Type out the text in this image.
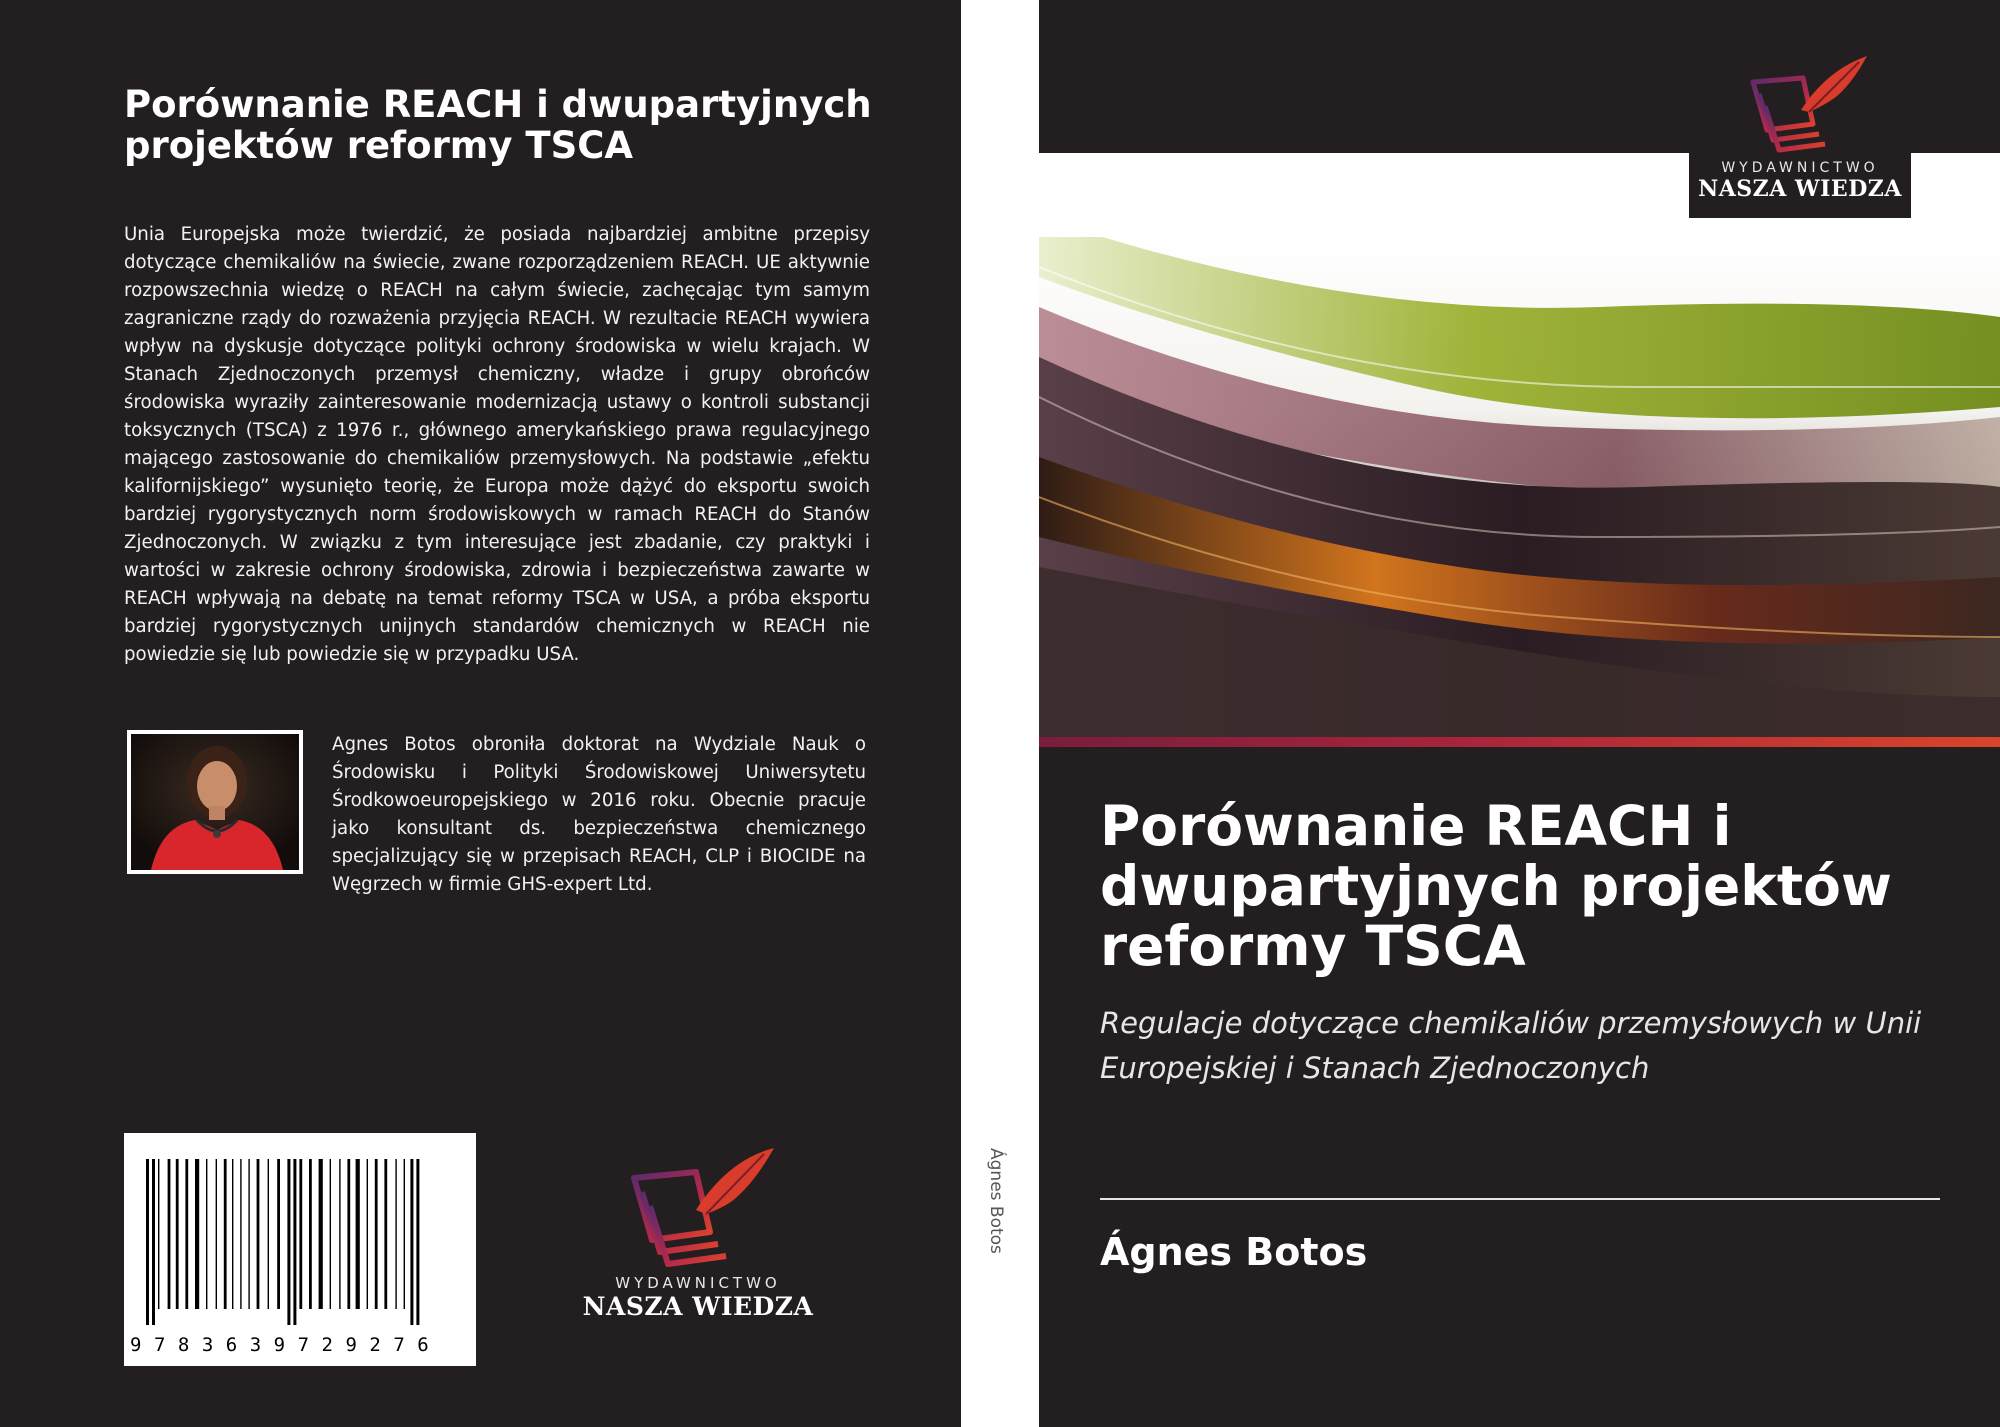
Porównanie REACH i dwupartyjnych projektów reformy TSCA

Unia Europejska może twierdzić, że posiada najbardziej ambitne przepisy dotyczące chemikaliów na świecie, zwane rozporządzeniem REACH. UE aktywnie rozpowszechnia wiedzę o REACH na całym świecie, zachęcając tym samym zagraniczne rządy do rozważenia przyjęcia REACH. W rezultacie REACH wywiera wpływ na dyskusje dotyczące polityki ochrony środowiska w wielu krajach. W Stanach Zjednoczonych przemysł chemiczny, władze i grupy obrońców środowiska wyraziły zainteresowanie modernizacją ustawy o kontroli substancji toksycznych (TSCA) z 1976 r., głównego amerykańskiego prawa regulacyjnego mającego zastosowanie do chemikaliów przemysłowych. Na podstawie „efektu kalifornijskiego” wysunięto teorię, że Europa może dążyć do eksportu swoich bardziej rygorystycznych norm środowiskowych w ramach REACH do Stanów Zjednoczonych. W związku z tym interesujące jest zbadanie, czy praktyki i wartości w zakresie ochrony środowiska, zdrowia i bezpieczeństwa zawarte w REACH wpływają na debatę na temat reformy TSCA w USA, a próba eksportu bardziej rygorystycznych unijnych standardów chemicznych w REACH nie powiedzie się lub powiedzie się w przypadku USA.

Agnes Botos obroniła doktorat na Wydziale Nauk o Środowisku i Polityki Środowiskowej Uniwersytetu Środkowoeuropejskiego w 2016 roku. Obecnie pracuje jako konsultant ds. bezpieczeństwa chemicznego specjalizujący się w przepisach REACH, CLP i BIOCIDE na Węgrzech w firmie GHS-expert Ltd.

9783639729276
WYDAWNICTWO
NASZA WIEDZA
Ágnes Botos
WYDAWNICTWO
NASZA WIEDZA
Porównanie REACH i dwupartyjnych projektów reformy TSCA

Regulacje dotyczące chemikaliów przemysłowych w Unii Europejskiej i Stanach Zjednoczonych

Ágnes Botos
